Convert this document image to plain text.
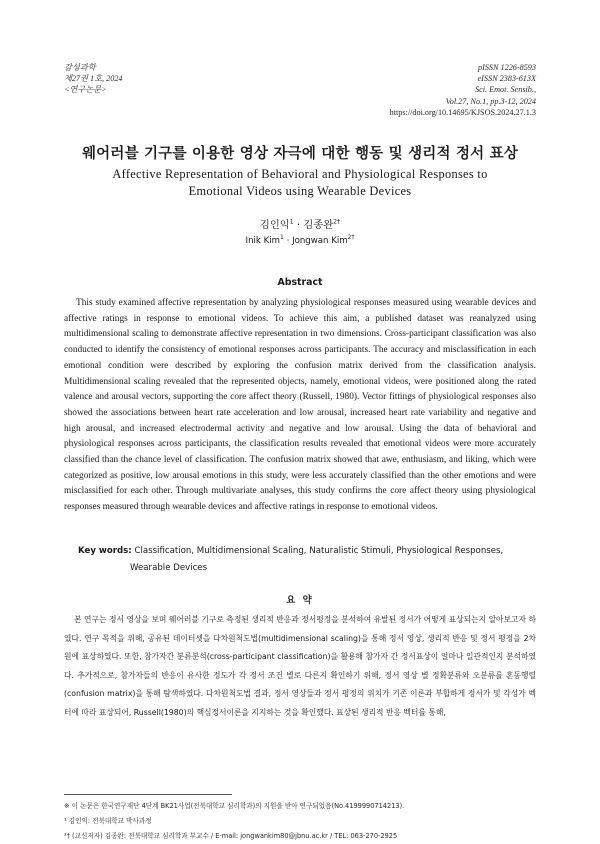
감성과학
제27권 1호, 2024
<연구논문>
pISSN 1226-8593
eISSN 2383-613X
Sci. Emot. Sensib.,
Vol.27, No.1, pp.3-12, 2024
https://doi.org/10.14695/KJSOS.2024.27.1.3
웨어러블 기구를 이용한 영상 자극에 대한 행동 및 생리적 정서 표상
Affective Representation of Behavioral and Physiological Responses to
Emotional Videos using Wearable Devices
김인익$^1$ · 김종완$^{2\dagger}$
Inik Kim$^1$ · Jongwan Kim$^{2\dagger}$
Abstract

This study examined affective representation by analyzing physiological responses measured using wearable devices and affective ratings in response to emotional videos. To achieve this aim, a published dataset was reanalyzed using multidimensional scaling to demonstrate affective representation in two dimensions. Cross-participant classification was also conducted to identify the consistency of emotional responses across participants. The accuracy and misclassification in each emotional condition were described by exploring the confusion matrix derived from the classification analysis. Multidimensional scaling revealed that the represented objects, namely, emotional videos, were positioned along the rated valence and arousal vectors, supporting the core affect theory (Russell, 1980). Vector fittings of physiological responses also showed the associations between heart rate acceleration and low arousal, increased heart rate variability and negative and high arousal, and increased electrodermal activity and negative and low arousal. Using the data of behavioral and physiological responses across participants, the classification results revealed that emotional videos were more accurately classified than the chance level of classification. The confusion matrix showed that awe, enthusiasm, and liking, which were categorized as positive, low arousal emotions in this study, were less accurately classified than the other emotions and were misclassified for each other. Through multivariate analyses, this study confirms the core affect theory using physiological responses measured through wearable devices and affective ratings in response to emotional videos.

Key words: Classification, Multidimensional Scaling, Naturalistic Stimuli, Physiological Responses,
Wearable Devices
요 약

본 연구는 정서 영상을 보며 웨어러블 기구로 측정된 생리적 반응과 정서평정을 분석하여 유발된 정서가 어떻게 표상되는지 알아보고자 하였다. 연구 목적을 위해, 공유된 데이터셋을 다차원척도법(multidimensional scaling)을 통해 정서 영상, 생리적 반응 및 정서 평정을 2차원에 표상하였다. 또한, 참가자간 분류분석(cross-participant classification)을 활용해 참가자 간 정서표상이 얼마나 일관적인지 분석하였다. 추가적으로, 참가자들의 반응이 유사한 정도가 각 정서 조건 별로 다른지 확인하기 위해, 정서 영상 별 정확분류와 오분류를 혼동행렬(confusion matrix)을 통해 탐색하였다. 다차원척도법 결과, 정서 영상들과 정서 평정의 위치가 기존 이론과 부합하게 정서가 및 각성가 벡터에 따라 표상되어, Russell(1980)의 핵심정서이론을 지지하는 것을 확인했다. 표상된 생리적 반응 벡터를 통해,

※ 이 논문은 한국연구재단 4단계 BK21사업(전북대학교 심리학과)의 지원을 받아 연구되었음(No.4199990714213).
¹ 김인익: 전북대학교 박사과정
²† (교신저자) 김종완: 전북대학교 심리학과 부교수 / E-mail: jongwankim80@jbnu.ac.kr / TEL: 063-270-2925
